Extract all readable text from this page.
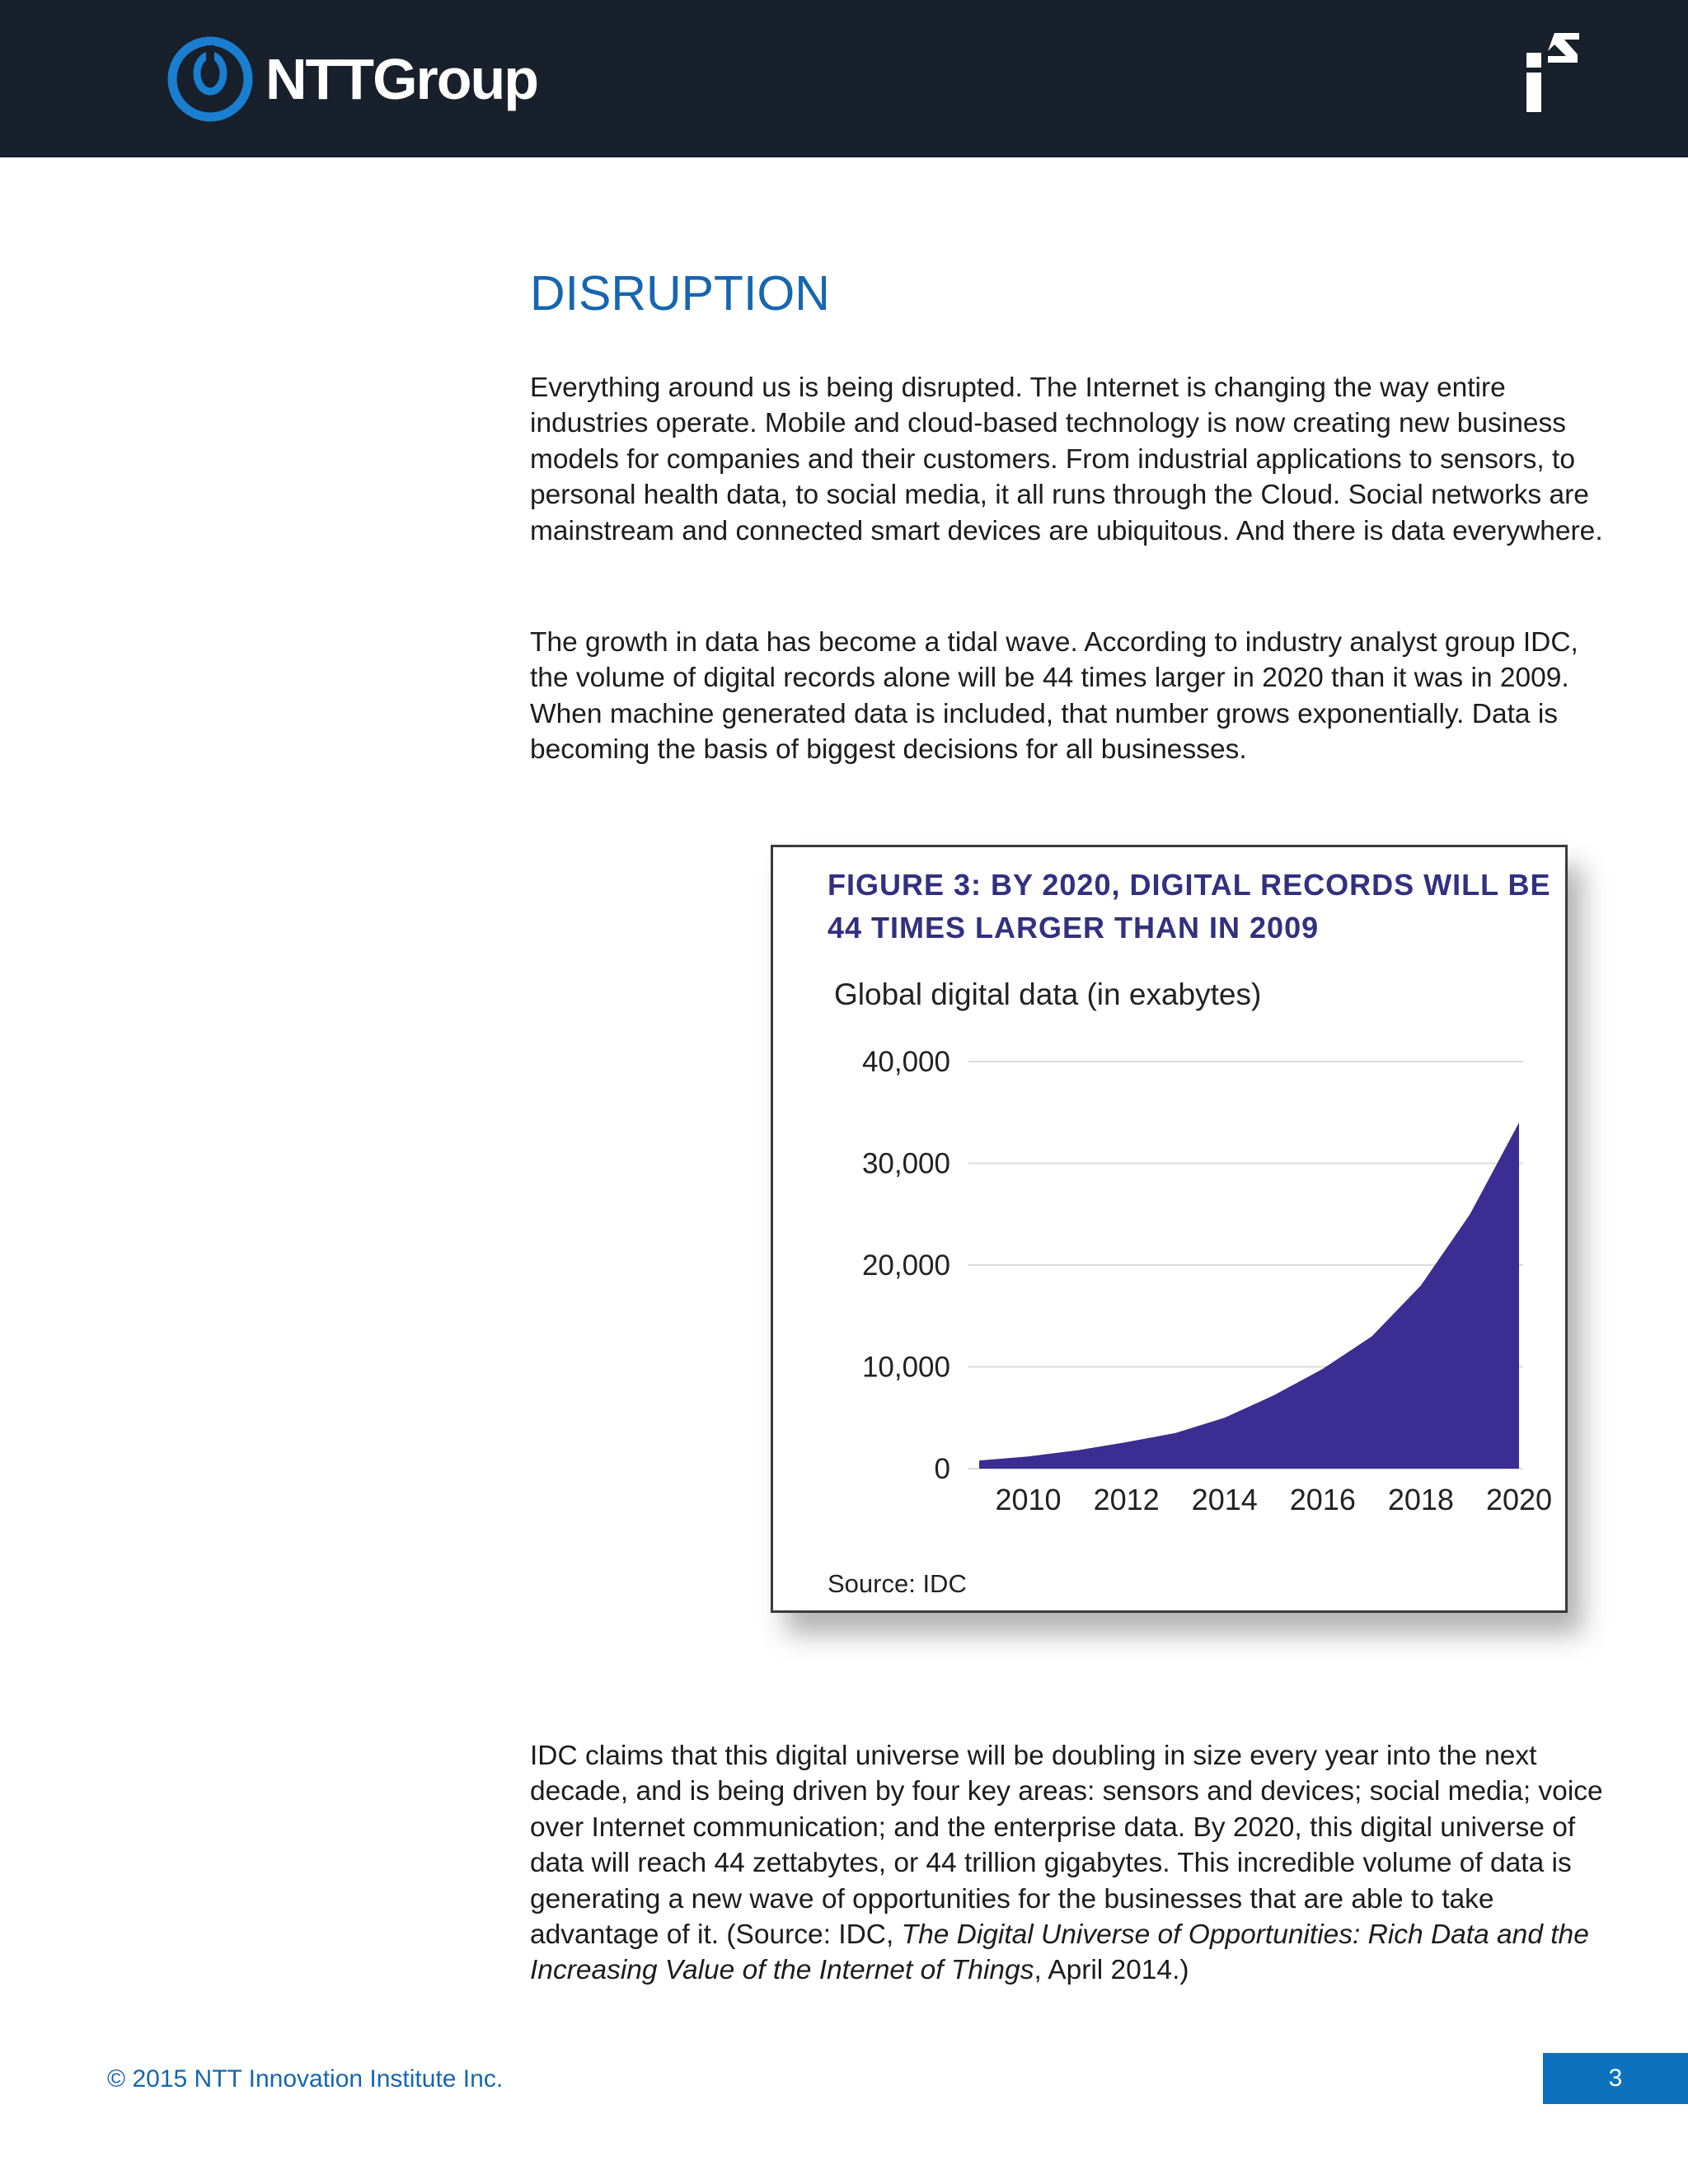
NTTGroup
DISRUPTION

Everything around us is being disrupted. The Internet is changing the way entire industries operate. Mobile and cloud-based technology is now creating new business models for companies and their customers. From industrial applications to sensors, to personal health data, to social media, it all runs through the Cloud. Social networks are mainstream and connected smart devices are ubiquitous. And there is data everywhere.

The growth in data has become a tidal wave. According to industry analyst group IDC, the volume of digital records alone will be 44 times larger in 2020 than it was in 2009. When machine generated data is included, that number grows exponentially. Data is becoming the basis of biggest decisions for all businesses.

FIGURE 3: BY 2020, DIGITAL RECORDS WILL BE 44 TIMES LARGER THAN IN 2009

Global digital data (in exabytes)
0
10,000
20,000
30,000
40,000
2010 2012 2014 2016 2018 2020
Source: IDC

IDC claims that this digital universe will be doubling in size every year into the next decade, and is being driven by four key areas: sensors and devices; social media; voice over Internet communication; and the enterprise data. By 2020, this digital universe of data will reach 44 zettabytes, or 44 trillion gigabytes. This incredible volume of data is generating a new wave of opportunities for the businesses that are able to take advantage of it. (Source: IDC, The Digital Universe of Opportunities: Rich Data and the Increasing Value of the Internet of Things, April 2014.)

© 2015 NTT Innovation Institute Inc.	3
